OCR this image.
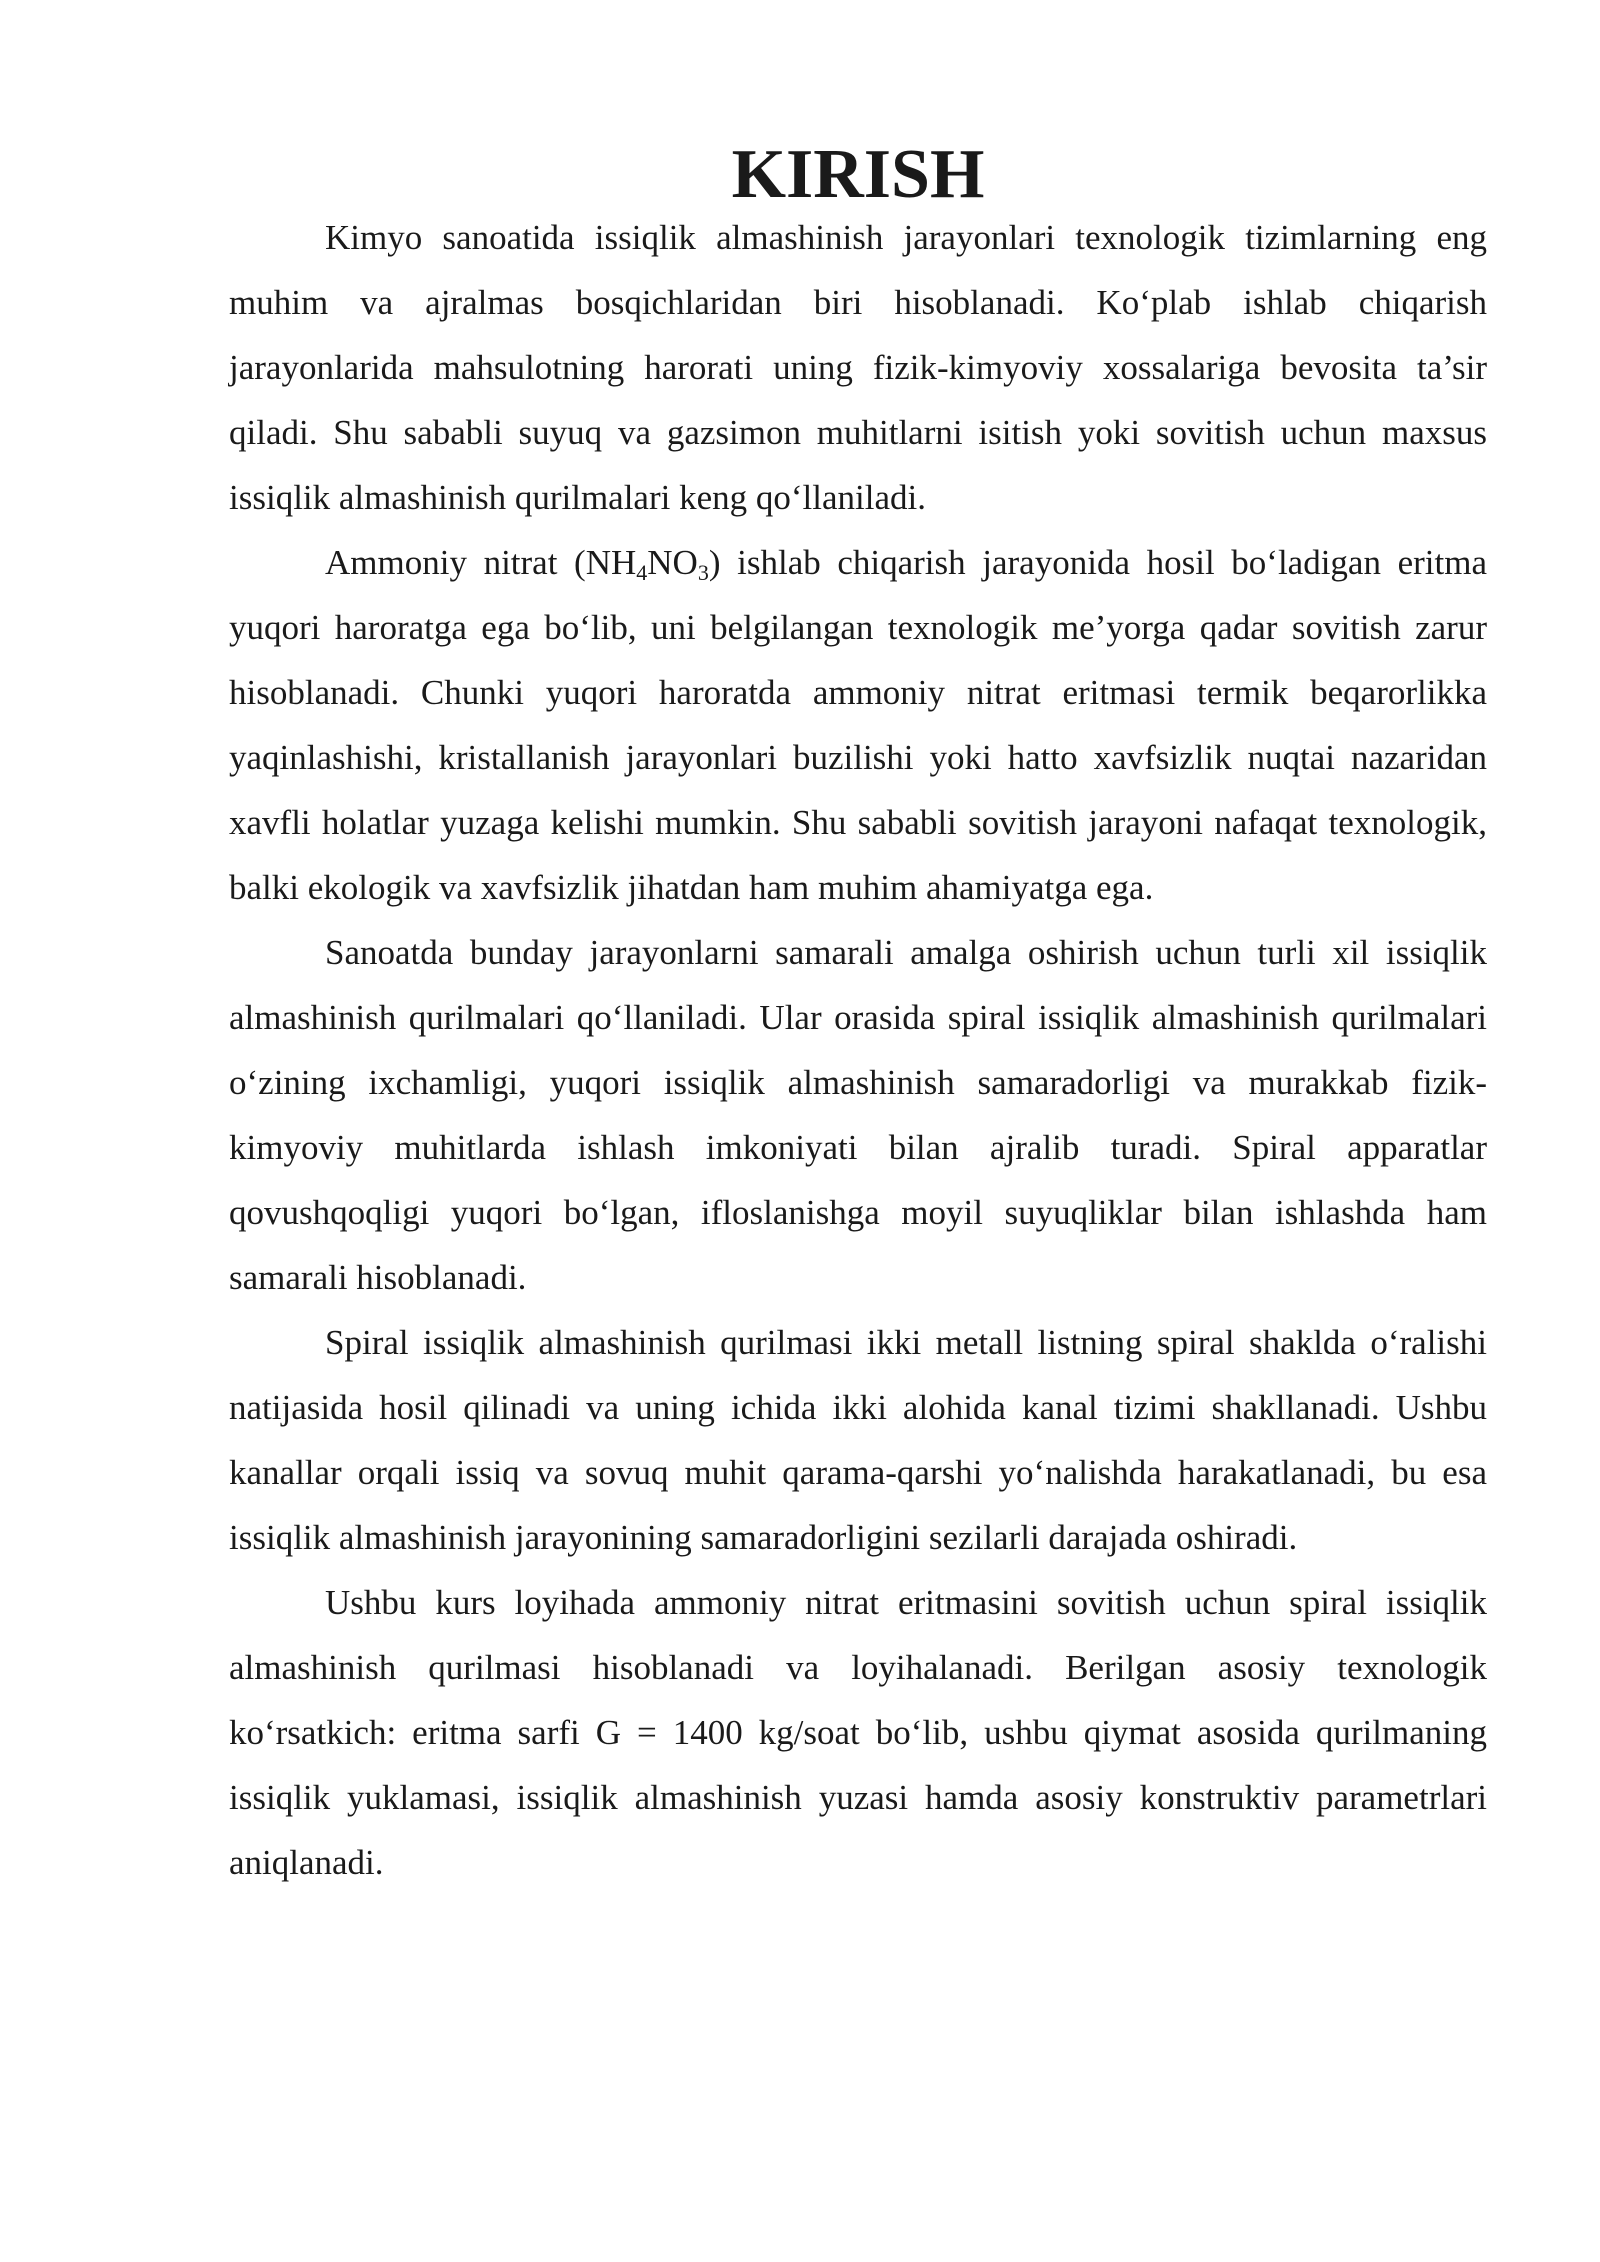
KIRISH

Kimyo sanoatida issiqlik almashinish jarayonlari texnologik tizimlarning eng muhim va ajralmas bosqichlaridan biri hisoblanadi. Ko‘plab ishlab chiqarish jarayonlarida mahsulotning harorati uning fizik-kimyoviy xossalariga bevosita ta’sir qiladi. Shu sababli suyuq va gazsimon muhitlarni isitish yoki sovitish uchun maxsus issiqlik almashinish qurilmalari keng qo‘llaniladi.

Ammoniy nitrat $(NH_4NO_3)$ ishlab chiqarish jarayonida hosil bo‘ladigan eritma yuqori haroratga ega bo‘lib, uni belgilangan texnologik me’yorga qadar sovitish zarur hisoblanadi. Chunki yuqori haroratda ammoniy nitrat eritmasi termik beqarorlikka yaqinlashishi, kristallanish jarayonlari buzilishi yoki hatto xavfsizlik nuqtai nazaridan xavfli holatlar yuzaga kelishi mumkin. Shu sababli sovitish jarayoni nafaqat texnologik, balki ekologik va xavfsizlik jihatdan ham muhim ahamiyatga ega.

Sanoatda bunday jarayonlarni samarali amalga oshirish uchun turli xil issiqlik almashinish qurilmalari qo‘llaniladi. Ular orasida spiral issiqlik almashinish qurilmalari o‘zining ixchamligi, yuqori issiqlik almashinish samaradorligi va murakkab fizik-kimyoviy muhitlarda ishlash imkoniyati bilan ajralib turadi. Spiral apparatlar qovushqoqligi yuqori bo‘lgan, ifloslanishga moyil suyuqliklar bilan ishlashda ham samarali hisoblanadi.

Spiral issiqlik almashinish qurilmasi ikki metall listning spiral shaklda o‘ralishi natijasida hosil qilinadi va uning ichida ikki alohida kanal tizimi shakllanadi. Ushbu kanallar orqali issiq va sovuq muhit qarama-qarshi yo‘nalishda harakatlanadi, bu esa issiqlik almashinish jarayonining samaradorligini sezilarli darajada oshiradi.

Ushbu kurs loyihada ammoniy nitrat eritmasini sovitish uchun spiral issiqlik almashinish qurilmasi hisoblanadi va loyihalanadi. Berilgan asosiy texnologik ko‘rsatkich: eritma sarfi G = 1400 kg/soat bo‘lib, ushbu qiymat asosida qurilmaning issiqlik yuklamasi, issiqlik almashinish yuzasi hamda asosiy konstruktiv parametrlari aniqlanadi.
